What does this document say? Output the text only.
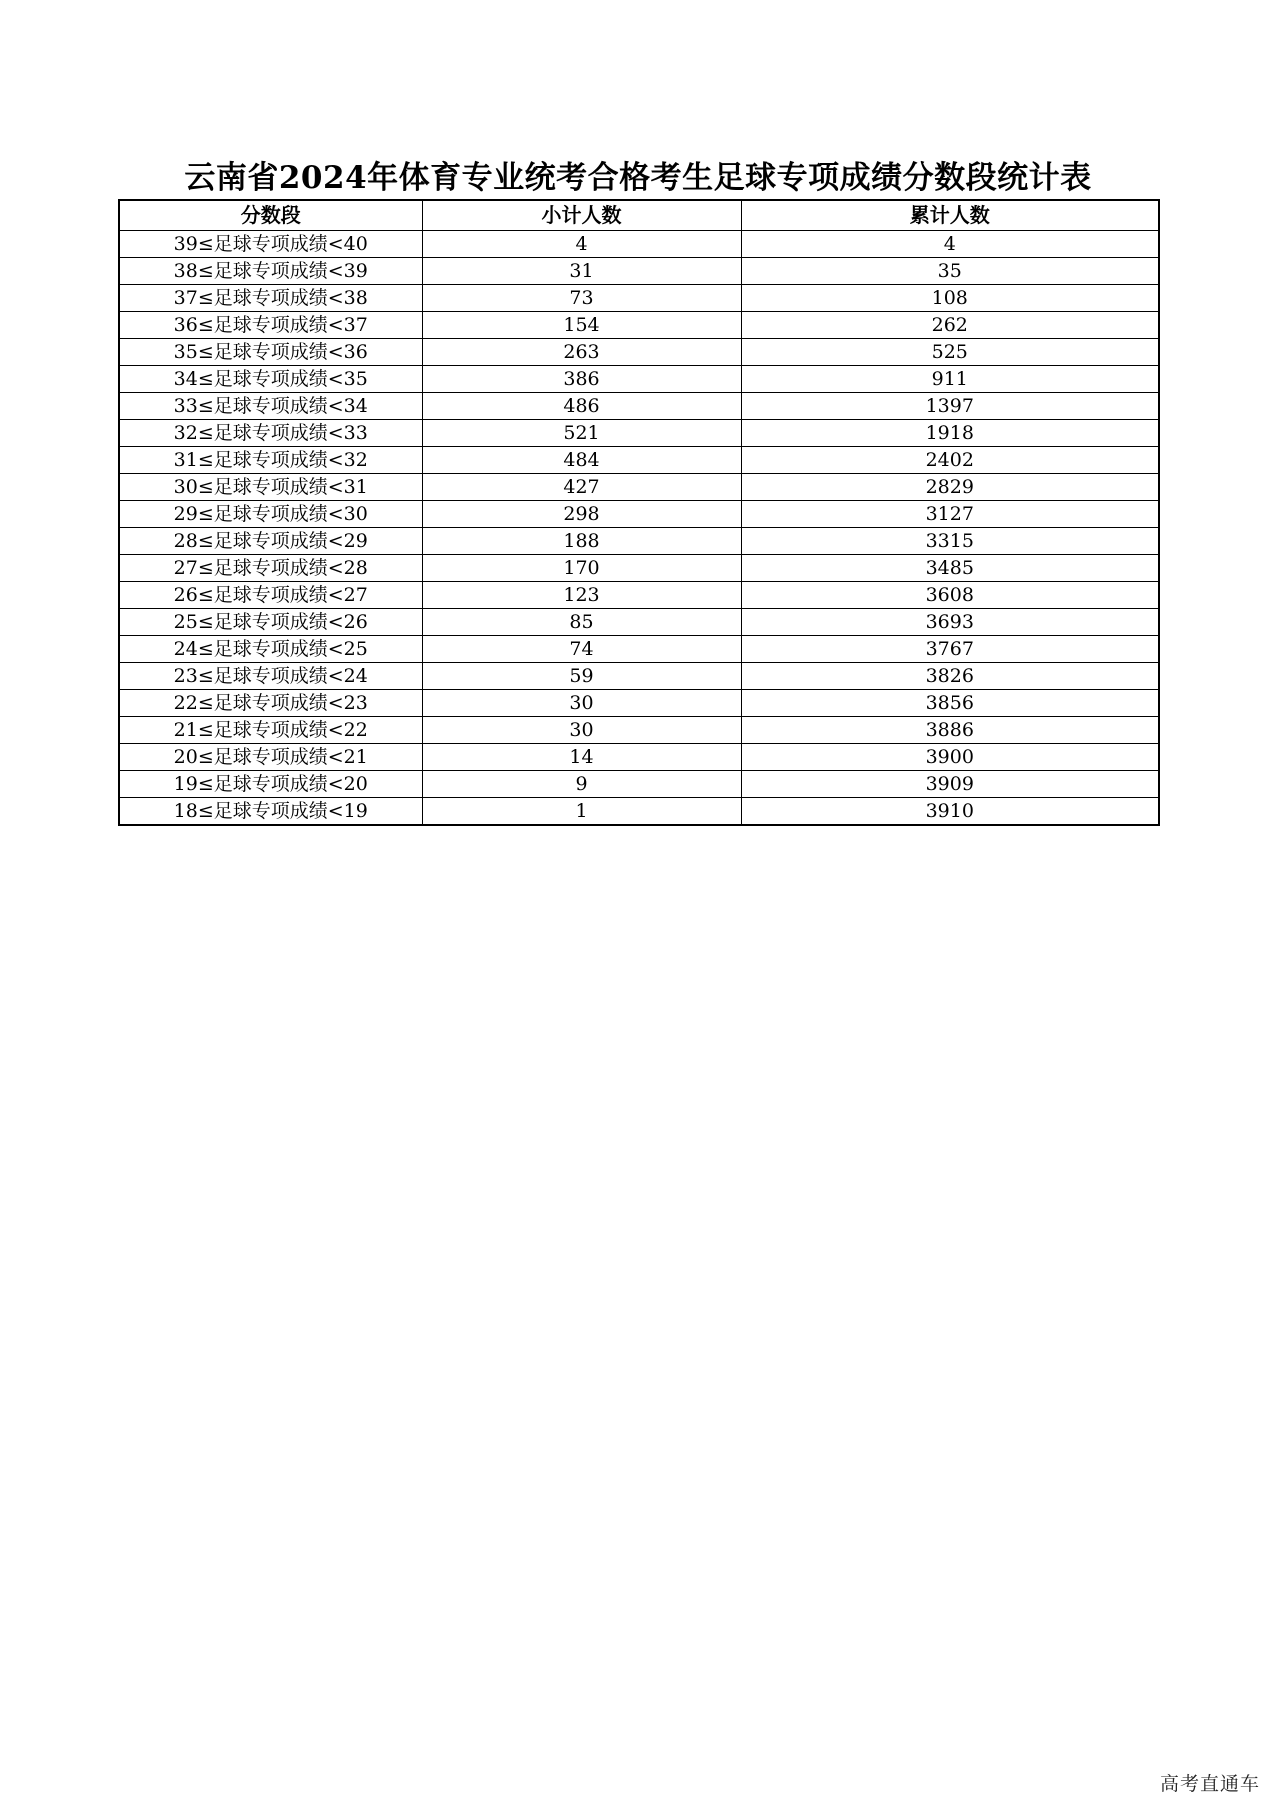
云南省2024年体育专业统考合格考生足球专项成绩分数段统计表
分数段	小计人数	累计人数
39≤足球专项成绩<40	4	4
38≤足球专项成绩<39	31	35
37≤足球专项成绩<38	73	108
36≤足球专项成绩<37	154	262
35≤足球专项成绩<36	263	525
34≤足球专项成绩<35	386	911
33≤足球专项成绩<34	486	1397
32≤足球专项成绩<33	521	1918
31≤足球专项成绩<32	484	2402
30≤足球专项成绩<31	427	2829
29≤足球专项成绩<30	298	3127
28≤足球专项成绩<29	188	3315
27≤足球专项成绩<28	170	3485
26≤足球专项成绩<27	123	3608
25≤足球专项成绩<26	85	3693
24≤足球专项成绩<25	74	3767
23≤足球专项成绩<24	59	3826
22≤足球专项成绩<23	30	3856
21≤足球专项成绩<22	30	3886
20≤足球专项成绩<21	14	3900
19≤足球专项成绩<20	9	3909
18≤足球专项成绩<19	1	3910
高考直通车
